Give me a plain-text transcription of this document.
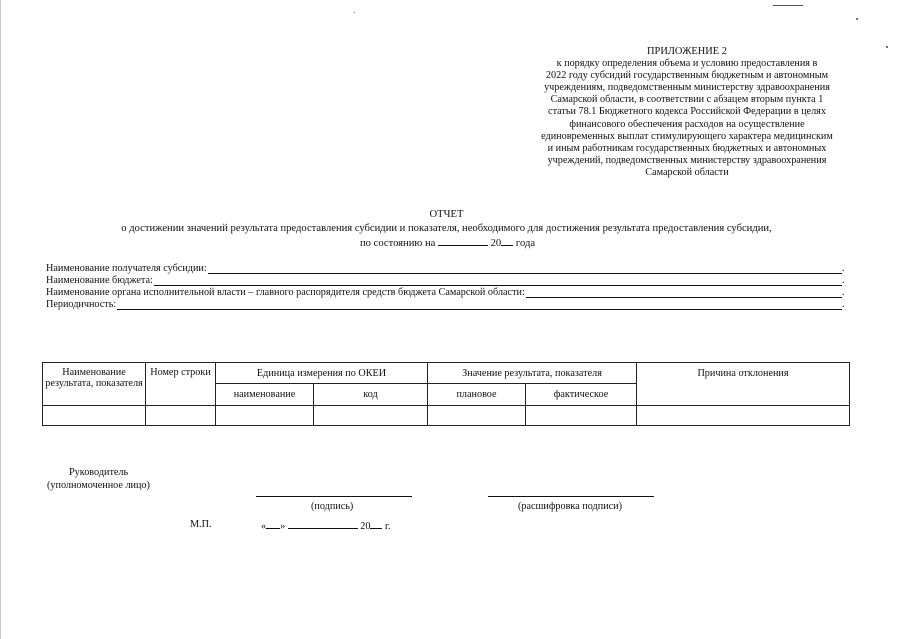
ПРИЛОЖЕНИЕ 2
к порядку определения объема и условию предоставления в
2022 году субсидий государственным бюджетным и автономным
учреждениям, подведомственным министерству здравоохранения
Самарской области, в соответствии с абзацем вторым пункта 1
статьи 78.1 Бюджетного кодекса Российской Федерации в целях
финансового обеспечения расходов на осуществление
единовременных выплат стимулирующего характера медицинским
и иным работникам государственных бюджетных и автономных
учреждений, подведомственных министерству здравоохранения
Самарской области
ОТЧЕТ
о достижении значений результата предоставления субсидии и показателя, необходимого для достижения результата предоставления субсидии,
по состоянию на	20 года
Наименование получателя субсидии:	.
Наименование бюджета:	.
Наименование органа исполнительной власти – главного распорядителя средств бюджета Самарской области:	.
Периодичность:	.
Наименование результата, показателя	Номер строки	Единица измерения по ОКЕИ		Значение результата, показателя		Причина отклонения
		наименование	код	плановое	фактическое	

Руководитель
(уполномоченное лицо)
(подпись)	(расшифровка подписи)
М.П.	« »	20 г.
